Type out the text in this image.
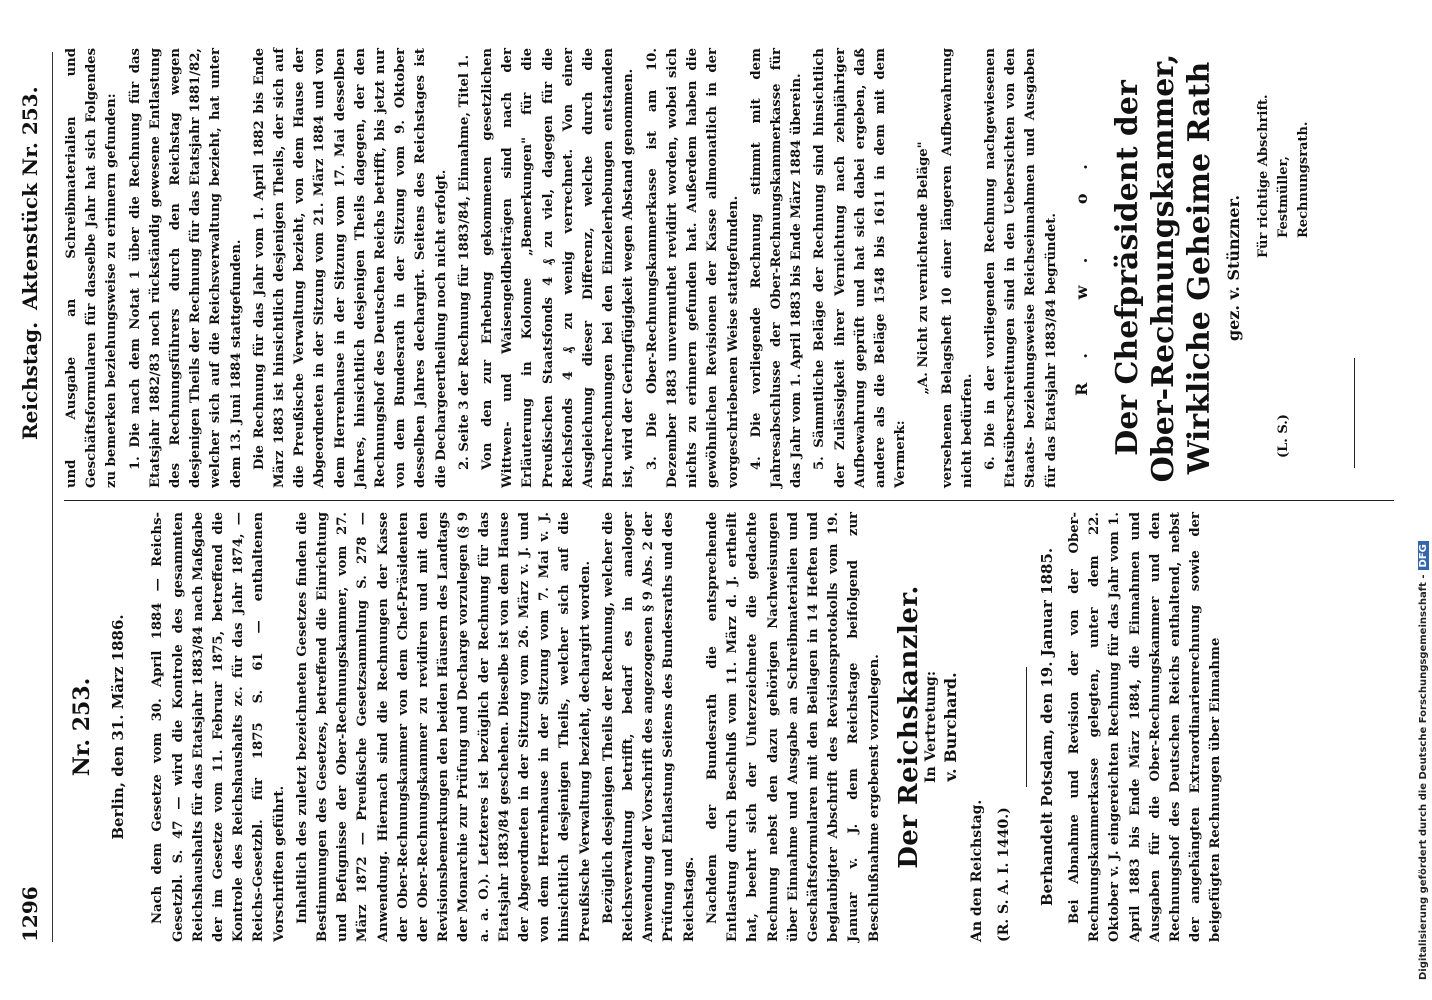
1296
Reichstag.
Aktenstück Nr. 253.
Nr. 253. Berlin, den 31. März 1886. Nach dem Gesetze vom 30. April 1884 — Reichs-Gesetzbl. S. 47 — wird die Kontrole des gesammten Reichshaushalts für das Etatsjahr 1883/84 nach Maßgabe der im Gesetze vom 11. Februar 1875, betreffend die Kontrole des Reichshaushalts zc. für das Jahr 1874, — Reichs-Gesetzbl. für 1875 S. 61 — enthaltenen Vorschriften geführt. Inhaltlich des zuletzt bezeichneten Gesetzes finden die Bestimmungen des Gesetzes, betreffend die Einrichtung und Befugnisse der Ober-Rechnungskammer, vom 27. März 1872 — Preußische Gesetzsammlung S. 278 — Anwendung. Hiernach sind die Rechnungen der Kasse der Ober-Rechnungskammer von dem Chef-Präsidenten der Ober-Rechnungskammer zu revidiren und mit den Revisionsbemerkungen den beiden Häusern des Landtags der Monarchie zur Prüfung und Decharge vorzulegen (§ 9 a. a. O.). Letzteres ist bezüglich der Rechnung für das Etatsjahr 1883/84 geschehen. Dieselbe ist von dem Hause der Abgeordneten in der Sitzung vom 26. März v. J. und von dem Herrenhause in der Sitzung vom 7. Mai v. J. hinsichtlich desjenigen Theils, welcher sich auf die Preußische Verwaltung bezieht, dechargirt worden. Bezüglich desjenigen Theils der Rechnung, welcher die Reichsverwaltung betrifft, bedarf es in analoger Anwendung der Vorschrift des angezogenen § 9 Abs. 2 der Prüfung und Entlastung Seitens des Bundesraths und des Reichstags. Nachdem der Bundesrath die entsprechende Entlastung durch Beschluß vom 11. März d. J. ertheilt hat, beehrt sich der Unterzeichnete die gedachte Rechnung nebst den dazu gehörigen Nachweisungen über Einnahme und Ausgabe an Schreibmaterialien und Geschäftsformularen mit den Beilagen in 14 Heften und beglaubigter Abschrift des Revisionsprotokolls vom 19. Januar v. J. dem Reichstage beifolgend zur Beschlußnahme ergebenst vorzulegen. Der Reichskanzler. In Vertretung: v. Burchard.
An den Reichstag. (R. S. A. I. 1440.) Berhandelt Potsdam, den 19. Januar 1885. Bei Abnahme und Revision der von der Ober-Rechnungskammerkasse gelegten, unter dem 22. Oktober v. J. eingereichten Rechnung für das Jahr vom 1. April 1883 bis Ende März 1884, die Einnahmen und Ausgaben für die Ober-Rechnungskammer und den Rechnungshof des Deutschen Reichs enthaltend, nebst der angehängten Extraordinarienrechnung sowie der beigefügten Rechnungen über Einnahme

und Ausgabe an Schreibmaterialien und Geschäftsformularen für dasselbe Jahr hat sich Folgendes zu bemerken beziehungsweise zu erinnern gefunden: 1. Die nach dem Notat 1 über die Rechnung für das Etatsjahr 1882/83 noch rückständig gewesene Entlastung des Rechnungsführers durch den Reichstag wegen desjenigen Theils der Rechnung für das Etatsjahr 1881/82, welcher sich auf die Reichsverwaltung bezieht, hat unter dem 13. Juni 1884 stattgefunden. Die Rechnung für das Jahr vom 1. April 1882 bis Ende März 1883 ist hinsichtlich desjenigen Theils, der sich auf die Preußische Verwaltung bezieht, von dem Hause der Abgeordneten in der Sitzung vom 21. März 1884 und von dem Herrenhause in der Sitzung vom 17. Mai desselben Jahres, hinsichtlich desjenigen Theils dagegen, der den Rechnungshof des Deutschen Reichs betrifft, bis jetzt nur von dem Bundesrath in der Sitzung vom 9. Oktober desselben Jahres dechargirt. Seitens des Reichstages ist die Dechargeertheilung noch nicht erfolgt. 2. Seite 3 der Rechnung für 1883/84, Einnahme, Titel 1. Von den zur Erhebung gekommenen gesetzlichen Wittwen- und Waisengeldbeiträgen sind nach der Erläuterung in Kolonne „Bemerkungen" für die Preußischen Staatsfonds 4 ₰ zu viel, dagegen für die Reichsfonds 4 ₰ zu wenig verrechnet. Von einer Ausgleichung dieser Differenz, welche durch die Bruchrechnungen bei den Einzelerhebungen entstanden ist, wird der Geringfügigkeit wegen Abstand genommen. 3. Die Ober-Rechnungskammerkasse ist am 10. Dezember 1883 unvermuthet revidirt worden, wobei sich nichts zu erinnern gefunden hat. Außerdem haben die gewöhnlichen Revisionen der Kasse allmonatlich in der vorgeschriebenen Weise stattgefunden. 4. Die vorliegende Rechnung stimmt mit dem Jahresabschlusse der Ober-Rechnungskammerkasse für das Jahr vom 1. April 1883 bis Ende März 1884 überein. 5. Sämmtliche Beläge der Rechnung sind hinsichtlich der Zulässigkeit ihrer Vernichtung nach zehnjähriger Aufbewahrung geprüft und hat sich dabei ergeben, daß andere als die Beläge 1548 bis 1611 in dem mit dem Vermerk:

„A. Nicht zu vernichtende Beläge" versehenen Belagsheft 10 einer längeren Aufbewahrung nicht bedürfen. 6. Die in der vorliegenden Rechnung nachgewiesenen Etatsüberschreitungen sind in den Uebersichten von den Staats- beziehungsweise Reichseinnahmen und Ausgaben für das Etatsjahr 1883/84 begründet. R. w. o. Der Chefpräsident der Ober-Rechnungskammer, Wirkliche Geheime Rath gez. v. Stünzner.
(L. S.)
Für richtige Abschrift. Festmüller, Rechnungsrath.
Digitalisierung gefördert durch die Deutsche Forschungsgemeinschaft -DFG
